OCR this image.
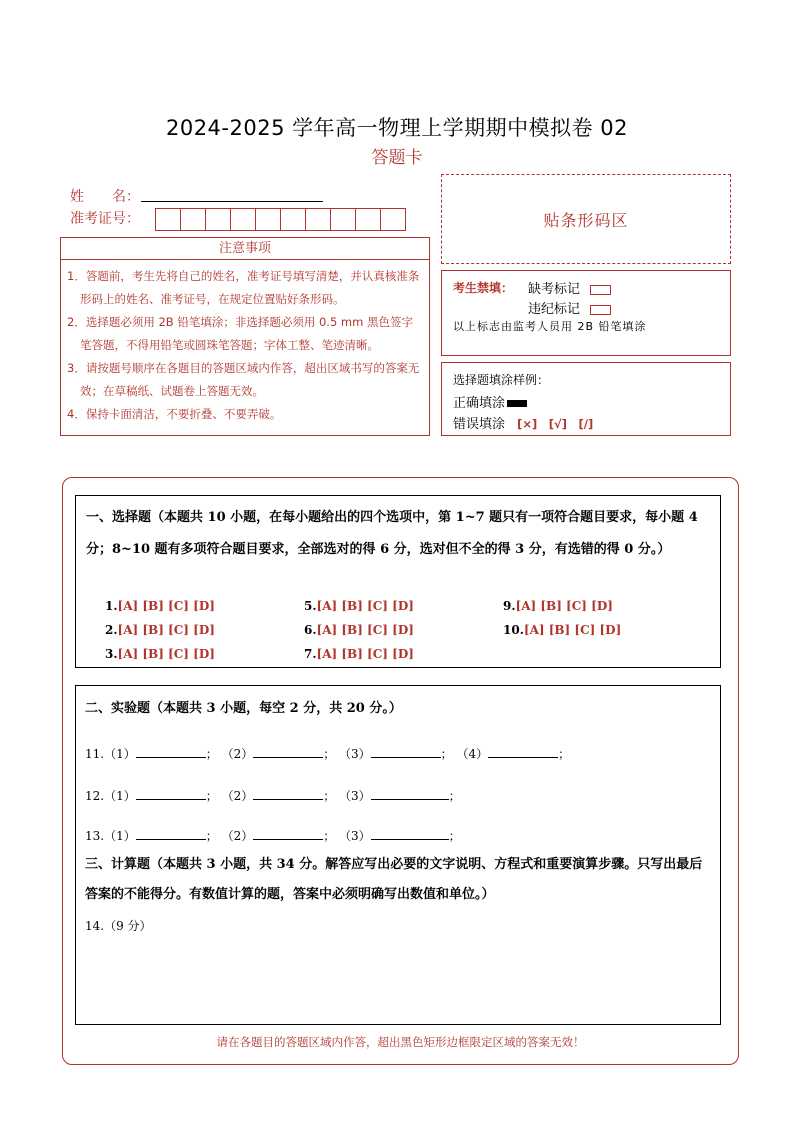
2024-2025 学年高一物理上学期期中模拟卷 02
答题卡
姓　　名：
准考证号：
注意事项
1．答题前，考生先将自己的姓名，准考证号填写清楚，并认真核准条形码上的姓名、准考证号，在规定位置贴好条形码。
2．选择题必须用 2B 铅笔填涂；非选择题必须用 0.5 mm 黑色签字笔答题，不得用铅笔或圆珠笔答题；字体工整、笔迹清晰。
3．请按题号顺序在各题目的答题区域内作答，超出区域书写的答案无效；在草稿纸、试题卷上答题无效。
4．保持卡面清洁，不要折叠、不要弄破。
贴条形码区
考生禁填： 缺考标记
违纪标记
以上标志由监考人员用 2B 铅笔填涂
选择题填涂样例：
正确填涂
错误填涂 [×]　[√]　[/]
一、选择题（本题共 10 小题，在每小题给出的四个选项中，第 1~7 题只有一项符合题目要求，每小题 4 分；8~10 题有多项符合题目要求，全部选对的得 6 分，选对但不全的得 3 分，有选错的得 0 分。）
1.[A] [B] [C] [D]
2.[A] [B] [C] [D]
3.[A] [B] [C] [D]
5.[A] [B] [C] [D]
6.[A] [B] [C] [D]
7.[A] [B] [C] [D]
9.[A] [B] [C] [D]
10.[A] [B] [C] [D]
二、实验题（本题共 3 小题，每空 2 分，共 20 分。）
11.（1）	； （2）	； （3）	； （4）	；
12.（1）	； （2）	； （3）	；
13.（1）	； （2）	； （3）	；
三、计算题（本题共 3 小题，共 34 分。解答应写出必要的文字说明、方程式和重要演算步骤。只写出最后答案的不能得分。有数值计算的题，答案中必须明确写出数值和单位。）
14.（9 分）
请在各题目的答题区域内作答，超出黑色矩形边框限定区域的答案无效！
